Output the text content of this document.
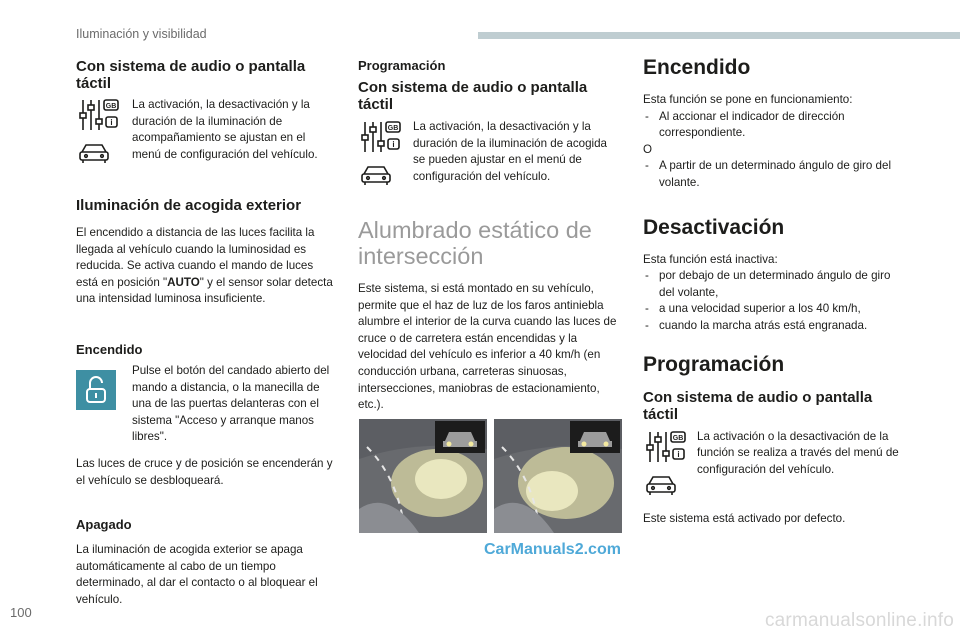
Iluminación y visibilidad
Con sistema de audio o pantalla táctil
GB
i
La activación, la desactivación y la duración de la iluminación de acompañamiento se ajustan en el menú de configuración del vehículo.
Iluminación de acogida exterior

El encendido a distancia de las luces facilita la llegada al vehículo cuando la luminosidad es reducida. Se activa cuando el mando de luces está en posición "AUTO" y el sensor solar detecta una intensidad luminosa insuficiente.

Encendido
Pulse el botón del candado abierto del mando a distancia, o la manecilla de una de las puertas delanteras con el sistema "Acceso y arranque manos libres".

Las luces de cruce y de posición se encenderán y el vehículo se desbloqueará.

Apagado

La iluminación de acogida exterior se apaga automáticamente al cabo de un tiempo determinado, al dar el contacto o al bloquear el vehículo.

Programación
Con sistema de audio o pantalla táctil
GB
i
La activación, la desactivación y la duración de la iluminación de acogida se pueden ajustar en el menú de configuración del vehículo.
Alumbrado estático de intersección

Este sistema, si está montado en su vehículo, permite que el haz de luz de los faros antiniebla alumbre el interior de la curva cuando las luces de cruce o de carretera están encendidas y la velocidad del vehículo es inferior a 40 km/h (en conducción urbana, carreteras sinuosas, intersecciones, maniobras de estacionamiento, etc.).

CarManuals2.com
Encendido

Esta función se pone en funcionamiento:

- Al accionar el indicador de dirección correspondiente.

O

- A partir de un determinado ángulo de giro del volante.
Desactivación

Esta función está inactiva:

- por debajo de un determinado ángulo de giro del volante,
- a una velocidad superior a los 40 km/h,
- cuando la marcha atrás está engranada.
Programación
Con sistema de audio o pantalla táctil
GB
i
La activación o la desactivación de la función se realiza a través del menú de configuración del vehículo.

Este sistema está activado por defecto.

100	carmanualsonline.info
